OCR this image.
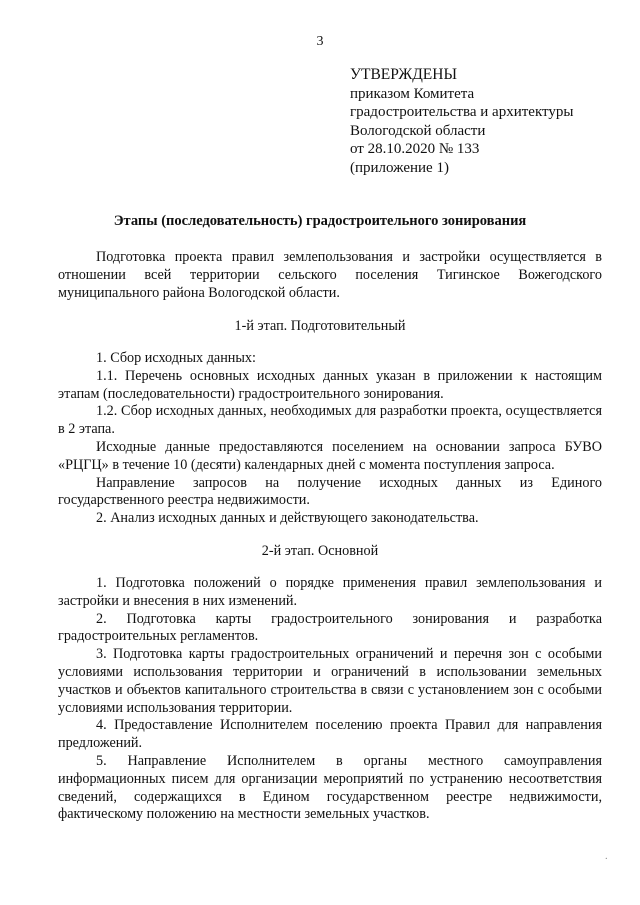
3
УТВЕРЖДЕНЫ
приказом Комитета
градостроительства и архитектуры
Вологодской области
от 28.10.2020 № 133
(приложение 1)
Этапы (последовательность) градостроительного зонирования

Подготовка проекта правил землепользования и застройки осуществляется в отношении всей территории сельского поселения Тигинское Вожегодского муниципального района Вологодской области.

1-й этап. Подготовительный

1. Сбор исходных данных:

1.1. Перечень основных исходных данных указан в приложении к настоящим этапам (последовательности) градостроительного зонирования.

1.2. Сбор исходных данных, необходимых для разработки проекта, осуществляется в 2 этапа.

Исходные данные предоставляются поселением на основании запроса БУВО «РЦГЦ» в течение 10 (десяти) календарных дней с момента поступления запроса.

Направление запросов на получение исходных данных из Единого государственного реестра недвижимости.

2. Анализ исходных данных и действующего законодательства.

2-й этап. Основной

1. Подготовка положений о порядке применения правил землепользования и застройки и внесения в них изменений.

2. Подготовка карты градостроительного зонирования и разработка градостроительных регламентов.

3. Подготовка карты градостроительных ограничений и перечня зон с особыми условиями использования территории и ограничений в использовании земельных участков и объектов капитального строительства в связи с установлением зон с особыми условиями использования территории.

4. Предоставление Исполнителем поселению проекта Правил для направления предложений.

5. Направление Исполнителем в органы местного самоуправления информационных писем для организации мероприятий по устранению несоответствия сведений, содержащихся в Едином государственном реестре недвижимости, фактическому положению на местности земельных участков.

·
